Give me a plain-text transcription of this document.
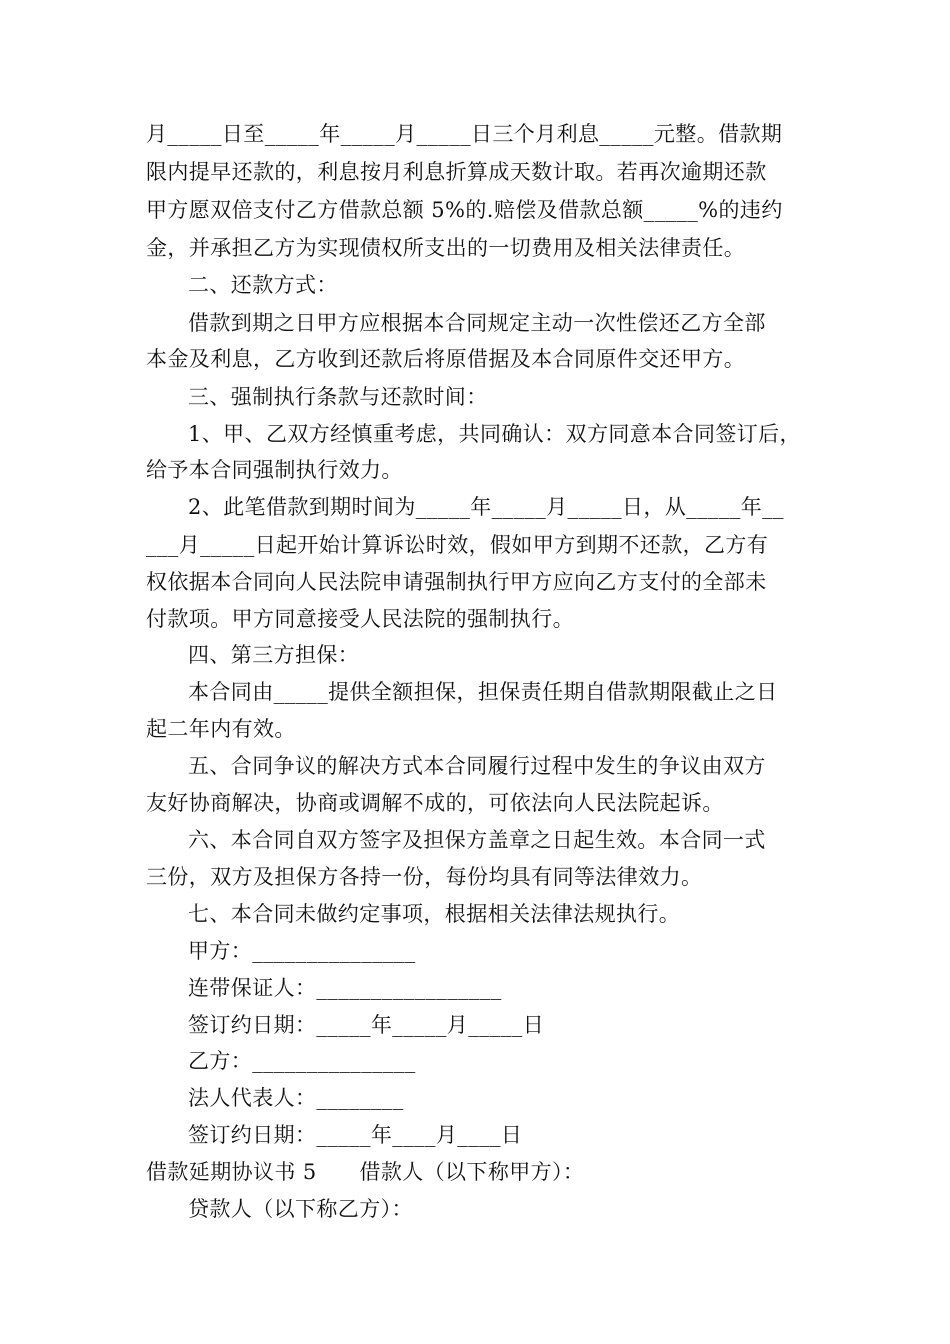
月_____日至_____年_____月_____日三个月利息_____元整。借款期
限内提早还款的，利息按月利息折算成天数计取。若再次逾期还款
甲方愿双倍支付乙方借款总额 5%的.赔偿及借款总额_____%的违约
金，并承担乙方为实现债权所支出的一切费用及相关法律责任。
二、还款方式：
借款到期之日甲方应根据本合同规定主动一次性偿还乙方全部
本金及利息，乙方收到还款后将原借据及本合同原件交还甲方。
三、强制执行条款与还款时间：
1、甲、乙双方经慎重考虑，共同确认：双方同意本合同签订后，
给予本合同强制执行效力。
2、此笔借款到期时间为_____年_____月_____日，从_____年__
___月_____日起开始计算诉讼时效，假如甲方到期不还款，乙方有
权依据本合同向人民法院申请强制执行甲方应向乙方支付的全部未
付款项。甲方同意接受人民法院的强制执行。
四、第三方担保：
本合同由_____提供全额担保，担保责任期自借款期限截止之日
起二年内有效。
五、合同争议的解决方式本合同履行过程中发生的争议由双方
友好协商解决，协商或调解不成的，可依法向人民法院起诉。
六、本合同自双方签字及担保方盖章之日起生效。本合同一式
三份，双方及担保方各持一份，每份均具有同等法律效力。
七、本合同未做约定事项，根据相关法律法规执行。
甲方：_______________
连带保证人：_________________
签订约日期：_____年_____月_____日
乙方：_______________
法人代表人：________
签订约日期：_____年____月____日
借款延期协议书 5　　借款人（以下称甲方）：
贷款人（以下称乙方）：
